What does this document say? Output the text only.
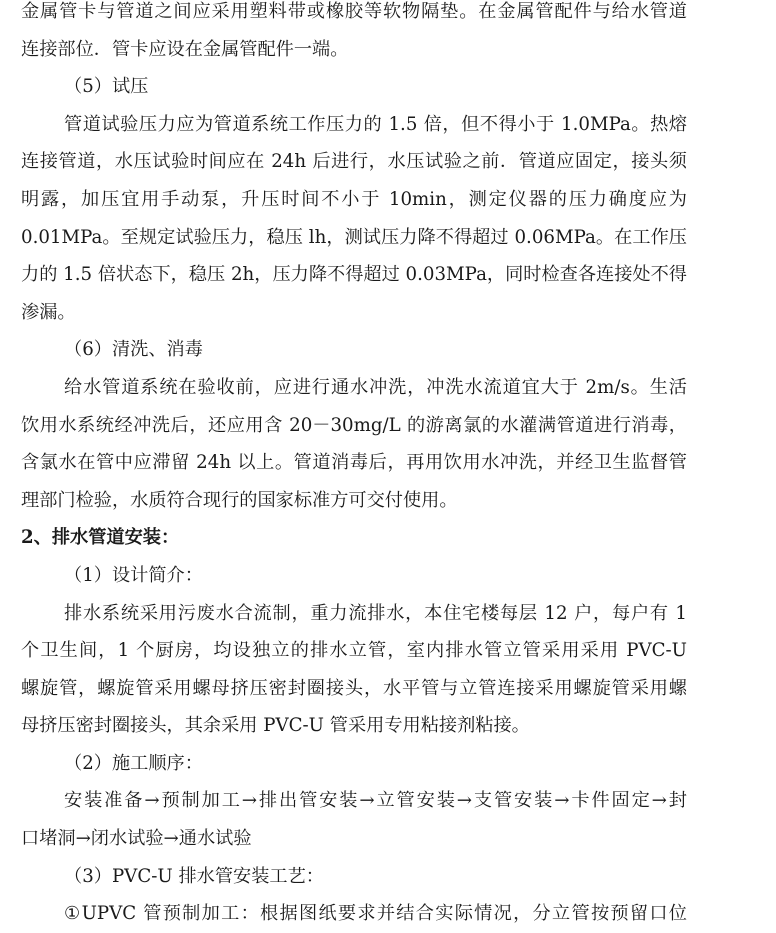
金属管卡与管道之间应采用塑料带或橡胶等软物隔垫。在金属管配件与给水管道
连接部位．管卡应设在金属管配件一端。
（5）试压
管道试验压力应为管道系统工作压力的 1.5 倍，但不得小于 1.0MPa。热熔
连接管道，水压试验时间应在 24h 后进行，水压试验之前．管道应固定，接头须
明露，加压宜用手动泵，升压时间不小于 10min，测定仪器的压力确度应为
0.01MPa。至规定试验压力，稳压 lh，测试压力降不得超过 0.06MPa。在工作压
力的 1.5 倍状态下，稳压 2h，压力降不得超过 0.03MPa，同时检查各连接处不得
渗漏。
（6）清洗、消毒
给水管道系统在验收前，应进行通水冲洗，冲洗水流道宜大于 2m/s。生活
饮用水系统经冲洗后，还应用含 20－30mg/L 的游离氯的水灌满管道进行消毒，
含氯水在管中应滞留 24h 以上。管道消毒后，再用饮用水冲洗，并经卫生监督管
理部门检验，水质符合现行的国家标准方可交付使用。
2、排水管道安装：
（1）设计简介：
排水系统采用污废水合流制，重力流排水，本住宅楼每层 12 户，每户有 1
个卫生间，1 个厨房，均设独立的排水立管，室内排水管立管采用采用 PVC-U
螺旋管，螺旋管采用螺母挤压密封圈接头，水平管与立管连接采用螺旋管采用螺
母挤压密封圈接头，其余采用 PVC-U 管采用专用粘接剂粘接。
（2）施工顺序：
安装准备→预制加工→排出管安装→立管安装→支管安装→卡件固定→封
口堵洞→闭水试验→通水试验
（3）PVC-U 排水管安装工艺：
①UPVC 管预制加工：根据图纸要求并结合实际情况，分立管按预留口位
